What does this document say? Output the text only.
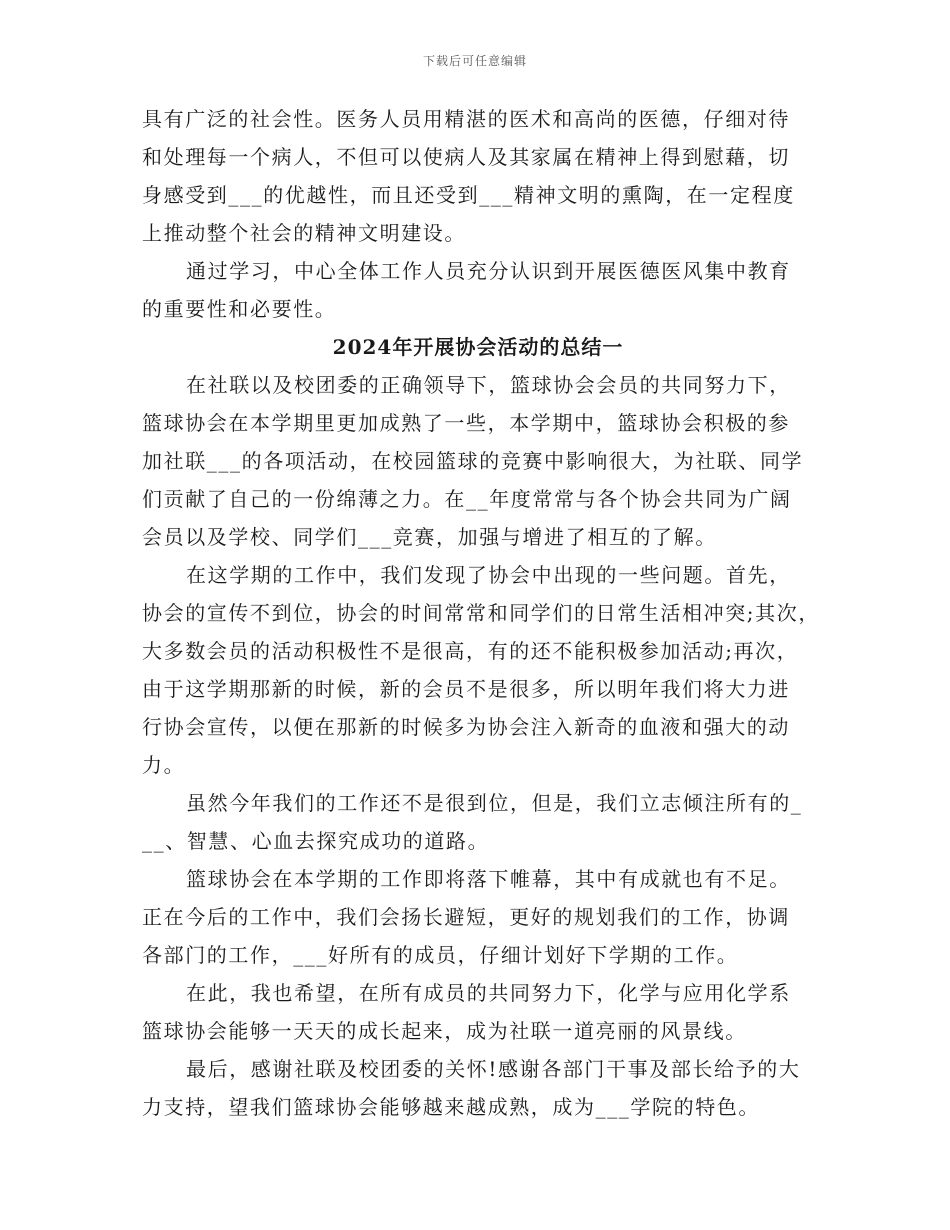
下载后可任意编辑
具有广泛的社会性。医务人员用精湛的医术和高尚的医德，仔细对待
和处理每一个病人，不但可以使病人及其家属在精神上得到慰藉，切
身感受到___的优越性，而且还受到___精神文明的熏陶，在一定程度
上推动整个社会的精神文明建设。
通过学习，中心全体工作人员充分认识到开展医德医风集中教育
的重要性和必要性。
2024年开展协会活动的总结一
在社联以及校团委的正确领导下，篮球协会会员的共同努力下，
篮球协会在本学期里更加成熟了一些，本学期中，篮球协会积极的参
加社联___的各项活动，在校园篮球的竞赛中影响很大，为社联、同学
们贡献了自己的一份绵薄之力。在__年度常常与各个协会共同为广阔
会员以及学校、同学们___竞赛，加强与增进了相互的了解。
在这学期的工作中，我们发现了协会中出现的一些问题。首先，
协会的宣传不到位，协会的时间常常和同学们的日常生活相冲突;其次，
大多数会员的活动积极性不是很高，有的还不能积极参加活动;再次，
由于这学期那新的时候，新的会员不是很多，所以明年我们将大力进
行协会宣传，以便在那新的时候多为协会注入新奇的血液和强大的动
力。
虽然今年我们的工作还不是很到位，但是，我们立志倾注所有的_
__、智慧、心血去探究成功的道路。
篮球协会在本学期的工作即将落下帷幕，其中有成就也有不足。
正在今后的工作中，我们会扬长避短，更好的规划我们的工作，协调
各部门的工作，___好所有的成员，仔细计划好下学期的工作。
在此，我也希望，在所有成员的共同努力下，化学与应用化学系
篮球协会能够一天天的成长起来，成为社联一道亮丽的风景线。
最后，感谢社联及校团委的关怀!感谢各部门干事及部长给予的大
力支持，望我们篮球协会能够越来越成熟，成为___学院的特色。
